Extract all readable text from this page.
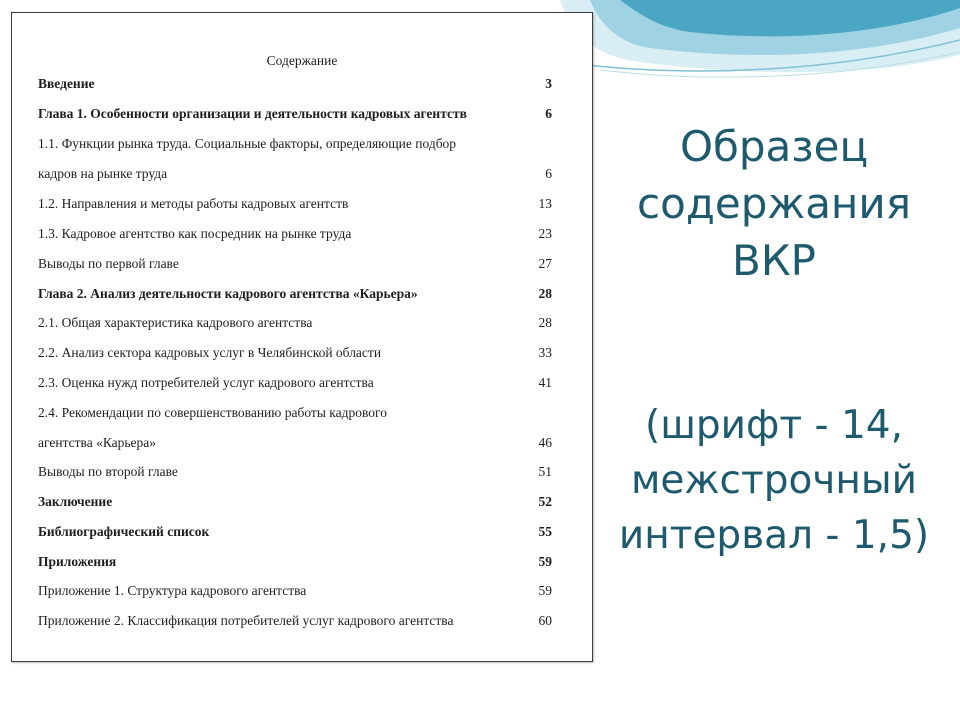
Содержание
Введение	3
Глава 1. Особенности организации и деятельности кадровых агентств	6
1.1. Функции рынка труда. Социальные факторы, определяющие подбор
кадров на рынке труда	6
1.2. Направления и методы работы кадровых агентств	13
1.3. Кадровое агентство как посредник на рынке труда	23
Выводы по первой главе	27
Глава 2. Анализ деятельности кадрового агентства «Карьера»	28
2.1. Общая характеристика кадрового агентства	28
2.2. Анализ сектора кадровых услуг в Челябинской области	33
2.3. Оценка нужд потребителей услуг кадрового агентства	41
2.4. Рекомендации по совершенствованию работы кадрового
агентства «Карьера»	46
Выводы по второй главе	51
Заключение	52
Библиографический список	55
Приложения	59
Приложение 1. Структура кадрового агентства	59
Приложение 2. Классификация потребителей услуг кадрового агентства	60
Образец
содержания
ВКР
(шрифт - 14,
межстрочный
интервал - 1,5)
